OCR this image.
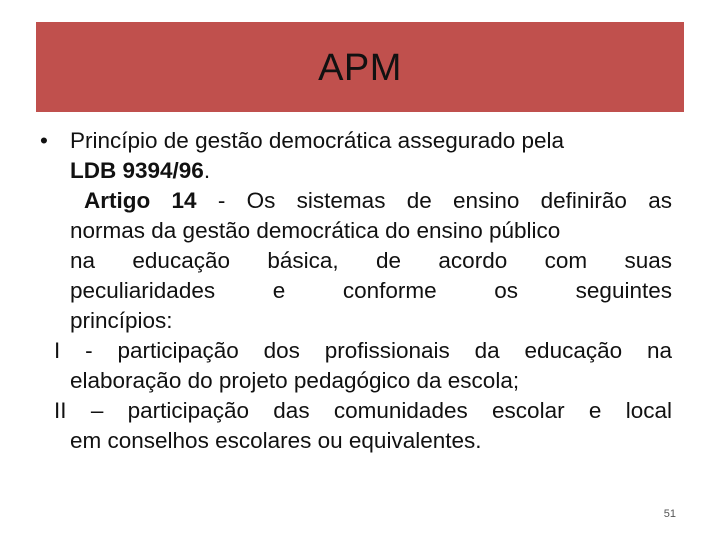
APM
• Princípio de gestão democrática assegurado pela
LDB 9394/96.
Artigo 14 - Os sistemas de ensino definirão as
normas da gestão democrática do ensino público
na educação básica, de acordo com suas
peculiaridades e conforme os seguintes
princípios:
I - participação dos profissionais da educação na
elaboração do projeto pedagógico da escola;
II – participação das comunidades escolar e local
em conselhos escolares ou equivalentes.
51
